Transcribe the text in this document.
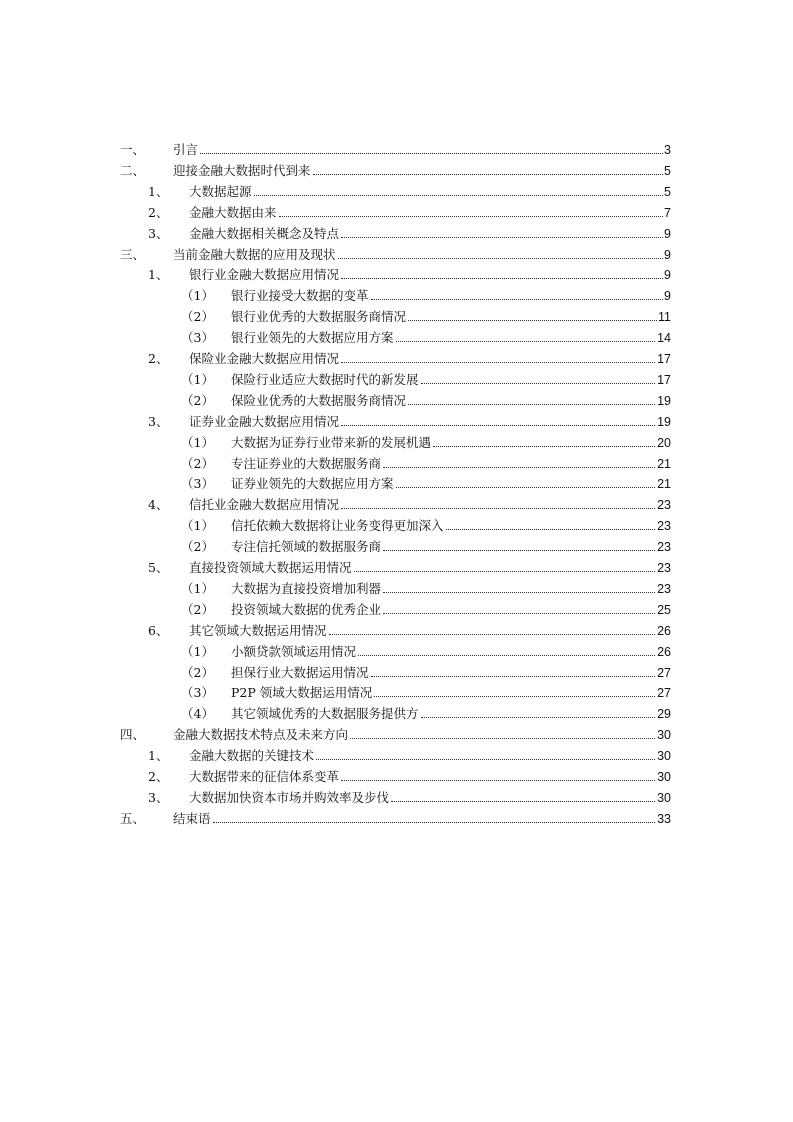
一、 引言	3
二、 迎接金融大数据时代到来	5
1、 大数据起源	5
2、 金融大数据由来	7
3、 金融大数据相关概念及特点	9
三、 当前金融大数据的应用及现状	9
1、 银行业金融大数据应用情况	9
（1） 银行业接受大数据的变革	9
（2） 银行业优秀的大数据服务商情况	11
（3） 银行业领先的大数据应用方案	14
2、 保险业金融大数据应用情况	17
（1） 保险行业适应大数据时代的新发展	17
（2） 保险业优秀的大数据服务商情况	19
3、 证券业金融大数据应用情况	19
（1） 大数据为证券行业带来新的发展机遇	20
（2） 专注证券业的大数据服务商	21
（3） 证券业领先的大数据应用方案	21
4、 信托业金融大数据应用情况	23
（1） 信托依赖大数据将让业务变得更加深入	23
（2） 专注信托领域的数据服务商	23
5、 直接投资领域大数据运用情况	23
（1） 大数据为直接投资增加利器	23
（2） 投资领域大数据的优秀企业	25
6、 其它领域大数据运用情况	26
（1） 小额贷款领域运用情况	26
（2） 担保行业大数据运用情况	27
（3） P2P 领域大数据运用情况	27
（4） 其它领域优秀的大数据服务提供方	29
四、 金融大数据技术特点及未来方向	30
1、 金融大数据的关键技术	30
2、 大数据带来的征信体系变革	30
3、 大数据加快资本市场并购效率及步伐	30
五、 结束语	33
